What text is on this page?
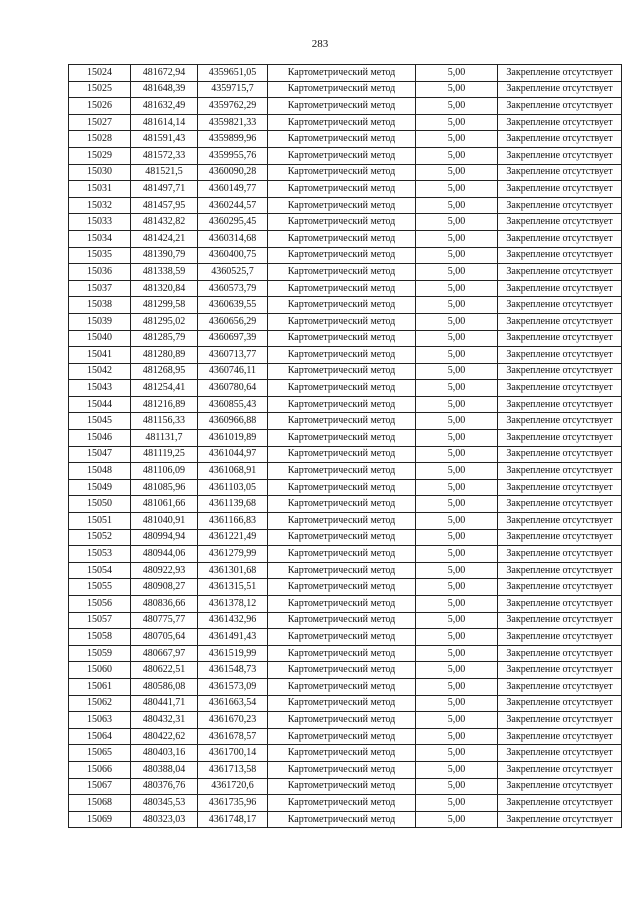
283
15024	481672,94	4359651,05	Картометрический метод	5,00	Закрепление отсутствует
15025	481648,39	4359715,7	Картометрический метод	5,00	Закрепление отсутствует
15026	481632,49	4359762,29	Картометрический метод	5,00	Закрепление отсутствует
15027	481614,14	4359821,33	Картометрический метод	5,00	Закрепление отсутствует
15028	481591,43	4359899,96	Картометрический метод	5,00	Закрепление отсутствует
15029	481572,33	4359955,76	Картометрический метод	5,00	Закрепление отсутствует
15030	481521,5	4360090,28	Картометрический метод	5,00	Закрепление отсутствует
15031	481497,71	4360149,77	Картометрический метод	5,00	Закрепление отсутствует
15032	481457,95	4360244,57	Картометрический метод	5,00	Закрепление отсутствует
15033	481432,82	4360295,45	Картометрический метод	5,00	Закрепление отсутствует
15034	481424,21	4360314,68	Картометрический метод	5,00	Закрепление отсутствует
15035	481390,79	4360400,75	Картометрический метод	5,00	Закрепление отсутствует
15036	481338,59	4360525,7	Картометрический метод	5,00	Закрепление отсутствует
15037	481320,84	4360573,79	Картометрический метод	5,00	Закрепление отсутствует
15038	481299,58	4360639,55	Картометрический метод	5,00	Закрепление отсутствует
15039	481295,02	4360656,29	Картометрический метод	5,00	Закрепление отсутствует
15040	481285,79	4360697,39	Картометрический метод	5,00	Закрепление отсутствует
15041	481280,89	4360713,77	Картометрический метод	5,00	Закрепление отсутствует
15042	481268,95	4360746,11	Картометрический метод	5,00	Закрепление отсутствует
15043	481254,41	4360780,64	Картометрический метод	5,00	Закрепление отсутствует
15044	481216,89	4360855,43	Картометрический метод	5,00	Закрепление отсутствует
15045	481156,33	4360966,88	Картометрический метод	5,00	Закрепление отсутствует
15046	481131,7	4361019,89	Картометрический метод	5,00	Закрепление отсутствует
15047	481119,25	4361044,97	Картометрический метод	5,00	Закрепление отсутствует
15048	481106,09	4361068,91	Картометрический метод	5,00	Закрепление отсутствует
15049	481085,96	4361103,05	Картометрический метод	5,00	Закрепление отсутствует
15050	481061,66	4361139,68	Картометрический метод	5,00	Закрепление отсутствует
15051	481040,91	4361166,83	Картометрический метод	5,00	Закрепление отсутствует
15052	480994,94	4361221,49	Картометрический метод	5,00	Закрепление отсутствует
15053	480944,06	4361279,99	Картометрический метод	5,00	Закрепление отсутствует
15054	480922,93	4361301,68	Картометрический метод	5,00	Закрепление отсутствует
15055	480908,27	4361315,51	Картометрический метод	5,00	Закрепление отсутствует
15056	480836,66	4361378,12	Картометрический метод	5,00	Закрепление отсутствует
15057	480775,77	4361432,96	Картометрический метод	5,00	Закрепление отсутствует
15058	480705,64	4361491,43	Картометрический метод	5,00	Закрепление отсутствует
15059	480667,97	4361519,99	Картометрический метод	5,00	Закрепление отсутствует
15060	480622,51	4361548,73	Картометрический метод	5,00	Закрепление отсутствует
15061	480586,08	4361573,09	Картометрический метод	5,00	Закрепление отсутствует
15062	480441,71	4361663,54	Картометрический метод	5,00	Закрепление отсутствует
15063	480432,31	4361670,23	Картометрический метод	5,00	Закрепление отсутствует
15064	480422,62	4361678,57	Картометрический метод	5,00	Закрепление отсутствует
15065	480403,16	4361700,14	Картометрический метод	5,00	Закрепление отсутствует
15066	480388,04	4361713,58	Картометрический метод	5,00	Закрепление отсутствует
15067	480376,76	4361720,6	Картометрический метод	5,00	Закрепление отсутствует
15068	480345,53	4361735,96	Картометрический метод	5,00	Закрепление отсутствует
15069	480323,03	4361748,17	Картометрический метод	5,00	Закрепление отсутствует
